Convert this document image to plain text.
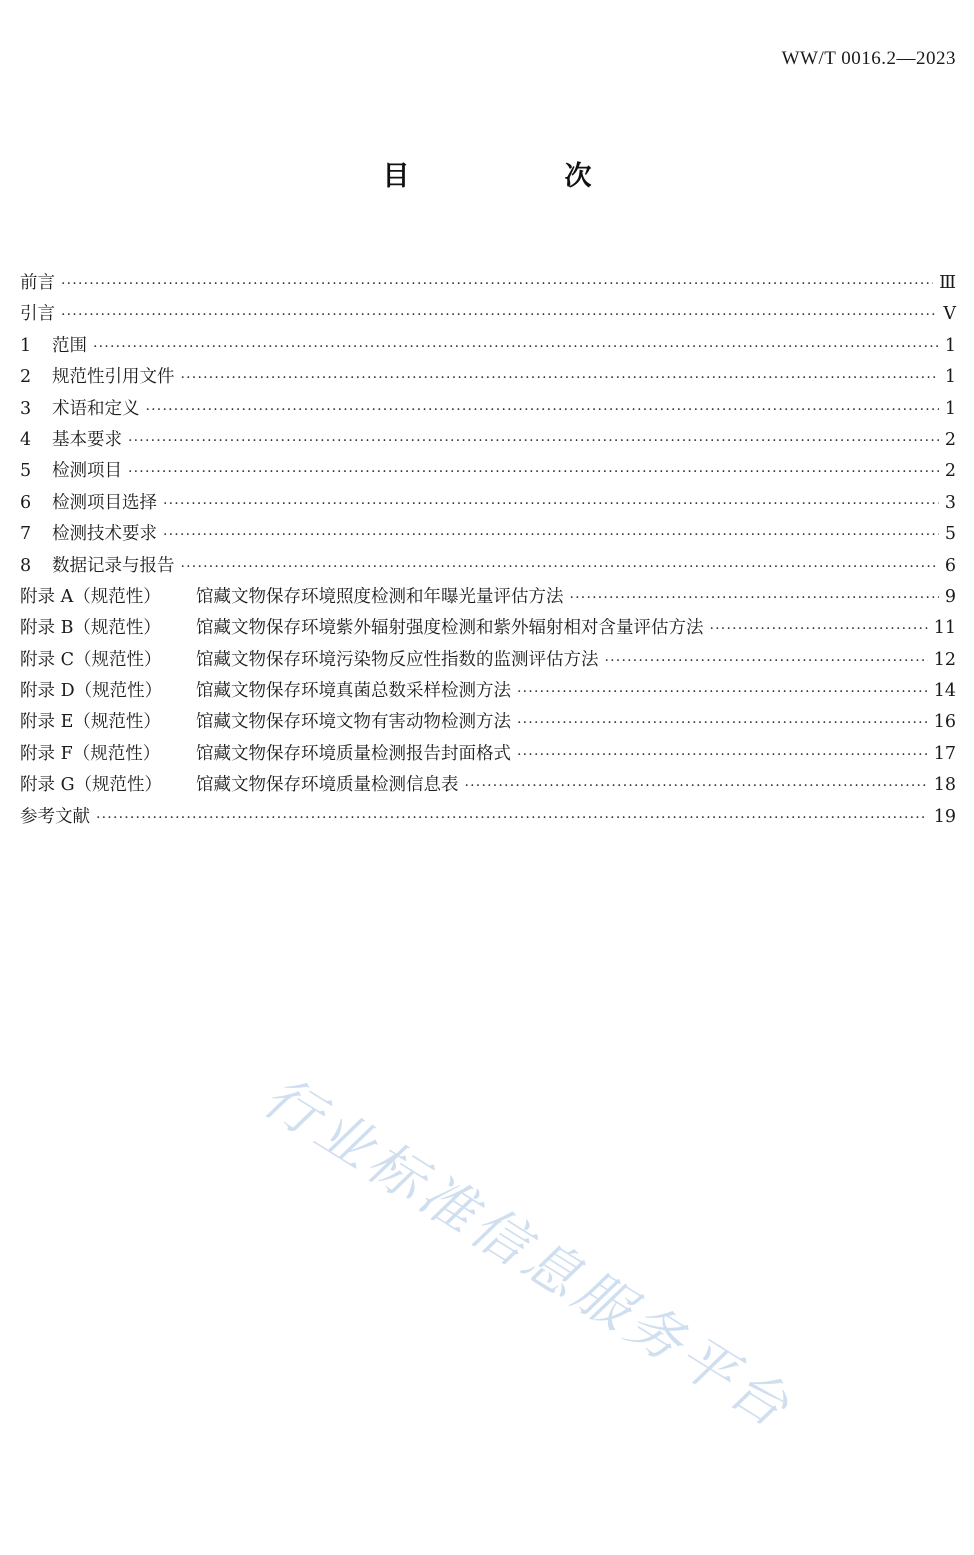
WW/T 0016.2—2023
目　次
前言 ·····	Ⅲ
引言 ·····	Ⅴ
1	范围 ·····	1
2	规范性引用文件 ·····	1
3	术语和定义 ·····	1
4	基本要求 ·····	2
5	检测项目 ·····	2
6	检测项目选择 ·····	3
7	检测技术要求 ·····	5
8	数据记录与报告 ·····	6
附录 A（规范性）	馆藏文物保存环境照度检测和年曝光量评估方法 ·····	9
附录 B（规范性）	馆藏文物保存环境紫外辐射强度检测和紫外辐射相对含量评估方法 ·····	11
附录 C（规范性）	馆藏文物保存环境污染物反应性指数的监测评估方法 ·····	12
附录 D（规范性）	馆藏文物保存环境真菌总数采样检测方法 ·····	14
附录 E（规范性）	馆藏文物保存环境文物有害动物检测方法 ·····	16
附录 F（规范性）	馆藏文物保存环境质量检测报告封面格式 ·····	17
附录 G（规范性）	馆藏文物保存环境质量检测信息表 ·····	18
参考文献 ·····	19
行业标准信息服务平台
